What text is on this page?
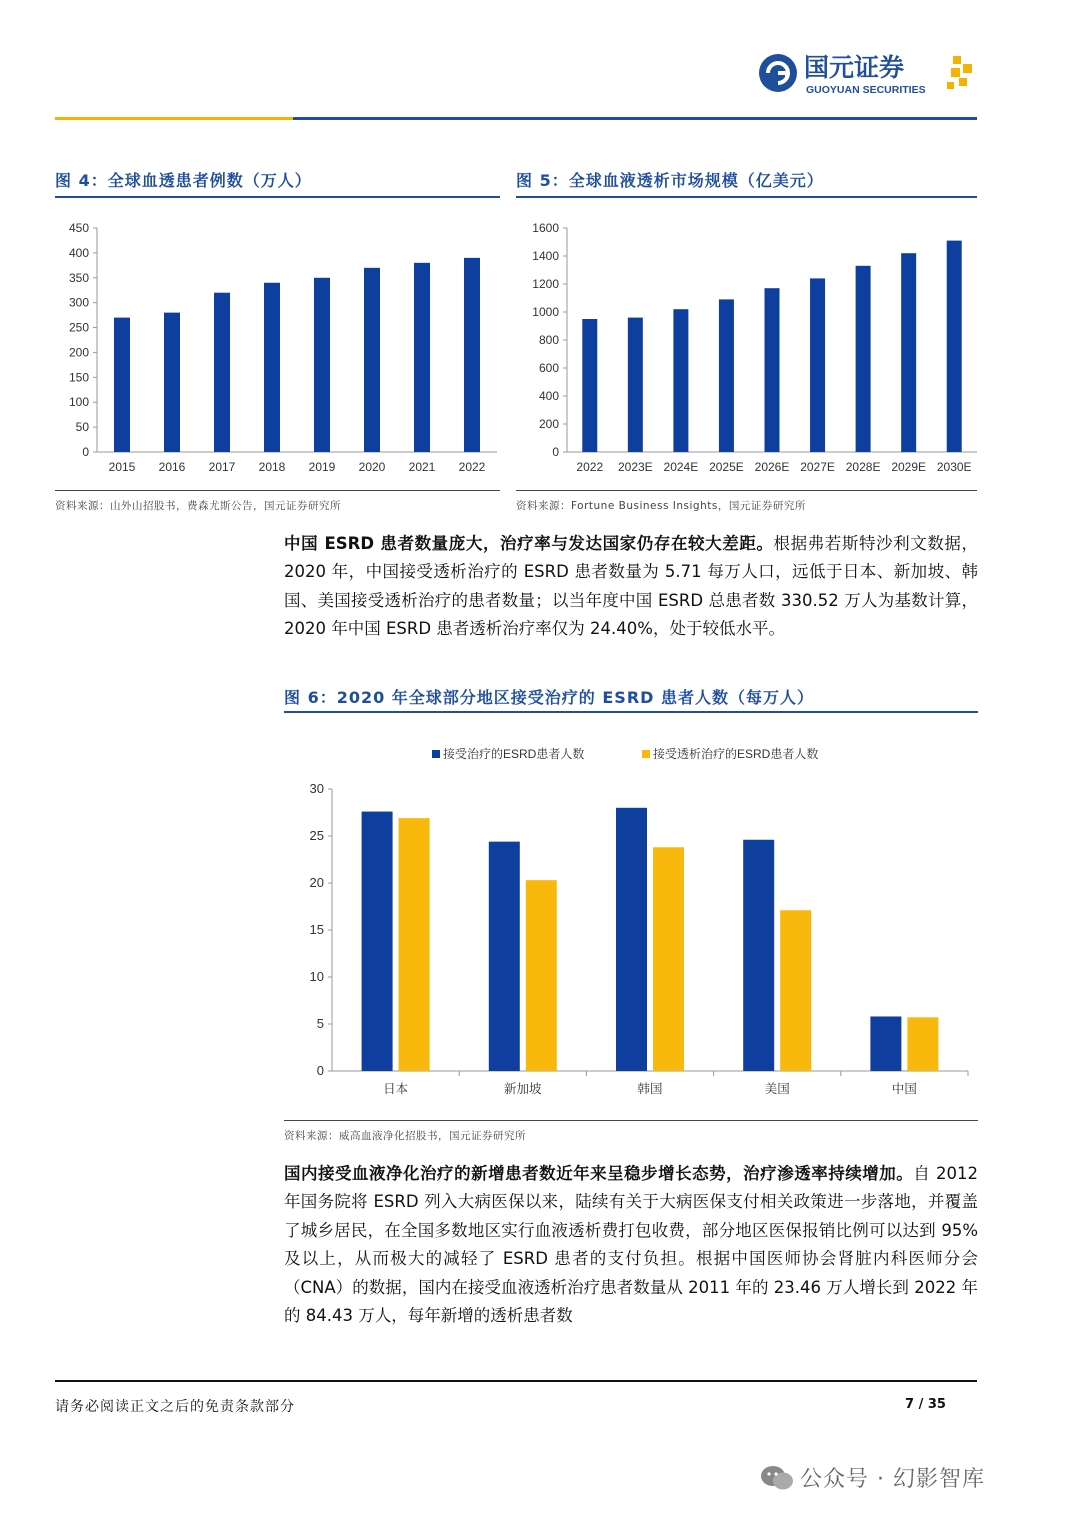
国元证券
GUOYUAN SECURITIES
图 4：全球血透患者例数（万人）
0
50
100
150
200
250
300
350
400
450
2015 2016 2017 2018 2019 2020 2021 2022
资料来源：山外山招股书，费森尤斯公告，国元证券研究所
图 5：全球血液透析市场规模（亿美元）
0
200
400
600
800
1000
1200
1400
1600
2022 2023E 2024E 2025E 2026E 2027E 2028E 2029E 2030E
资料来源：Fortune Business Insights，国元证券研究所
中国 ESRD 患者数量庞大，治疗率与发达国家仍存在较大差距。根据弗若斯特沙利文数据，2020 年，中国接受透析治疗的 ESRD 患者数量为 5.71 每万人口，远低于日本、新加坡、韩国、美国接受透析治疗的患者数量；以当年度中国 ESRD 总患者数 330.52 万人为基数计算，2020 年中国 ESRD 患者透析治疗率仅为 24.40%，处于较低水平。
图 6：2020 年全球部分地区接受治疗的 ESRD 患者人数（每万人）
0
5
10
15
20
25
30
日本	新加坡	韩国	美国	中国
接受治疗的ESRD患者人数	接受透析治疗的ESRD患者人数
资料来源：威高血液净化招股书，国元证券研究所
国内接受血液净化治疗的新增患者数近年来呈稳步增长态势，治疗渗透率持续增加。自 2012 年国务院将 ESRD 列入大病医保以来，陆续有关于大病医保支付相关政策进一步落地，并覆盖了城乡居民，在全国多数地区实行血液透析费打包收费，部分地区医保报销比例可以达到 95%及以上，从而极大的减轻了 ESRD 患者的支付负担。根据中国医师协会肾脏内科医师分会（CNA）的数据，国内在接受血液透析治疗患者数量从 2011 年的 23.46 万人增长到 2022 年的 84.43 万人，每年新增的透析患者数
请务必阅读正文之后的免责条款部分	7 / 35
公众号 · 幻影智库
